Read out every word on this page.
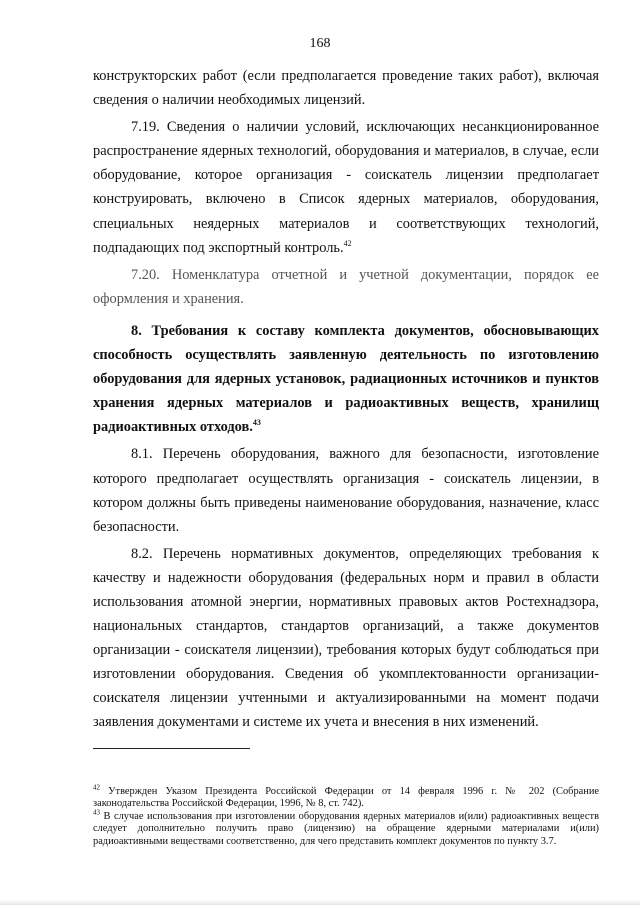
168

конструкторских работ (если предполагается проведение таких работ), включая сведения о наличии необходимых лицензий.

7.19. Сведения о наличии условий, исключающих несанкционированное распространение ядерных технологий, оборудования и материалов, в случае, если оборудование, которое организация - соискатель лицензии предполагает конструировать, включено в Список ядерных материалов, оборудования, специальных неядерных материалов и соответствующих технологий, подпадающих под экспортный контроль.$^{42}$

7.20. Номенклатура отчетной и учетной документации, порядок ее оформления и хранения.

8. Требования к составу комплекта документов, обосновывающих способность осуществлять заявленную деятельность по изготовлению оборудования для ядерных установок, радиационных источников и пунктов хранения ядерных материалов и радиоактивных веществ, хранилищ радиоактивных отходов.$^{43}$

8.1. Перечень оборудования, важного для безопасности, изготовление которого предполагает осуществлять организация - соискатель лицензии, в котором должны быть приведены наименование оборудования, назначение, класс безопасности.

8.2. Перечень нормативных документов, определяющих требования к качеству и надежности оборудования (федеральных норм и правил в области использования атомной энергии, нормативных правовых актов Ростехнадзора, национальных стандартов, стандартов организаций, а также документов организации - соискателя лицензии), требования которых будут соблюдаться при изготовлении оборудования. Сведения об укомплектованности организации-соискателя лицензии учтенными и актуализированными на момент подачи заявления документами и системе их учета и внесения в них изменений.

$^{42}$ Утвержден Указом Президента Российской Федерации от 14 февраля 1996 г. № 202 (Собрание законодательства Российской Федерации, 1996, № 8, ст. 742).

$^{43}$ В случае использования при изготовлении оборудования ядерных материалов и(или) радиоактивных веществ следует дополнительно получить право (лицензию) на обращение ядерными материалами и(или) радиоактивными веществами соответственно, для чего представить комплект документов по пункту 3.7.
